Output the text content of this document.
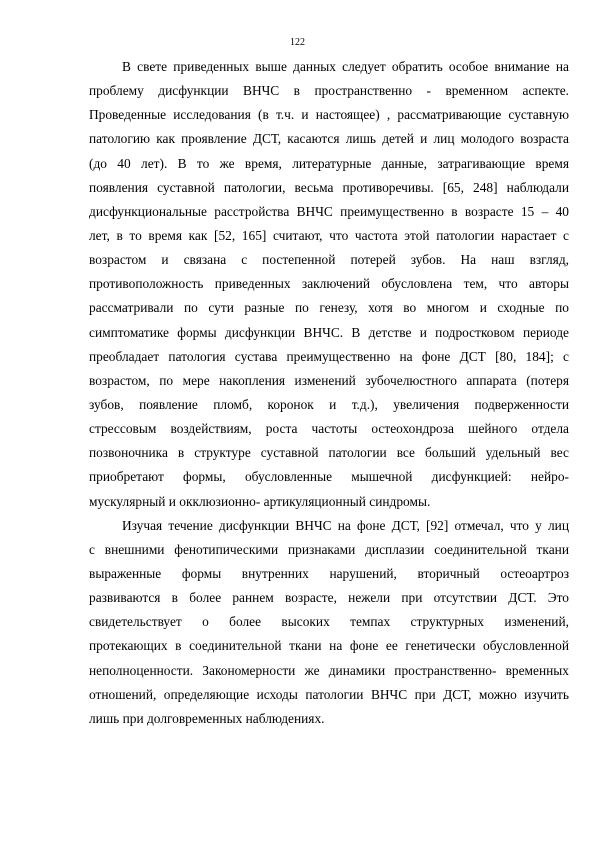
122

В свете приведенных выше данных следует обратить особое внимание на
проблему дисфункции ВНЧС в пространственно - временном аспекте.
Проведенные исследования (в т.ч. и настоящее) , рассматривающие суставную
патологию как проявление ДСТ, касаются лишь детей и лиц молодого возраста
(до 40 лет). В то же время, литературные данные, затрагивающие время
появления суставной патологии, весьма противоречивы. [65, 248] наблюдали
дисфункциональные расстройства ВНЧС преимущественно в возрасте 15 – 40
лет, в то время как [52, 165] считают, что частота этой патологии нарастает с
возрастом и связана с постепенной потерей зубов. На наш взгляд,
противоположность приведенных заключений обусловлена тем, что авторы
рассматривали по сути разные по генезу, хотя во многом и сходные по
симптоматике формы дисфункции ВНЧС. В детстве и подростковом периоде
преобладает патология сустава преимущественно на фоне ДСТ [80, 184]; с
возрастом, по мере накопления изменений зубочелюстного аппарата (потеря
зубов, появление пломб, коронок и т.д.), увеличения подверженности
стрессовым воздействиям, роста частоты остеохондроза шейного отдела
позвоночника в структуре суставной патологии все больший удельный вес
приобретают формы, обусловленные мышечной дисфункцией: нейро-
мускулярный и окклюзионно- артикуляционный синдромы.

Изучая течение дисфункции ВНЧС на фоне ДСТ, [92] отмечал, что у лиц
с внешними фенотипическими признаками дисплазии соединительной ткани
выраженные формы внутренних нарушений, вторичный остеоартроз
развиваются в более раннем возрасте, нежели при отсутствии ДСТ. Это
свидетельствует о более высоких темпах структурных изменений,
протекающих в соединительной ткани на фоне ее генетически обусловленной
неполноценности. Закономерности же динамики пространственно- временных
отношений, определяющие исходы патологии ВНЧС при ДСТ, можно изучить
лишь при долговременных наблюдениях.
